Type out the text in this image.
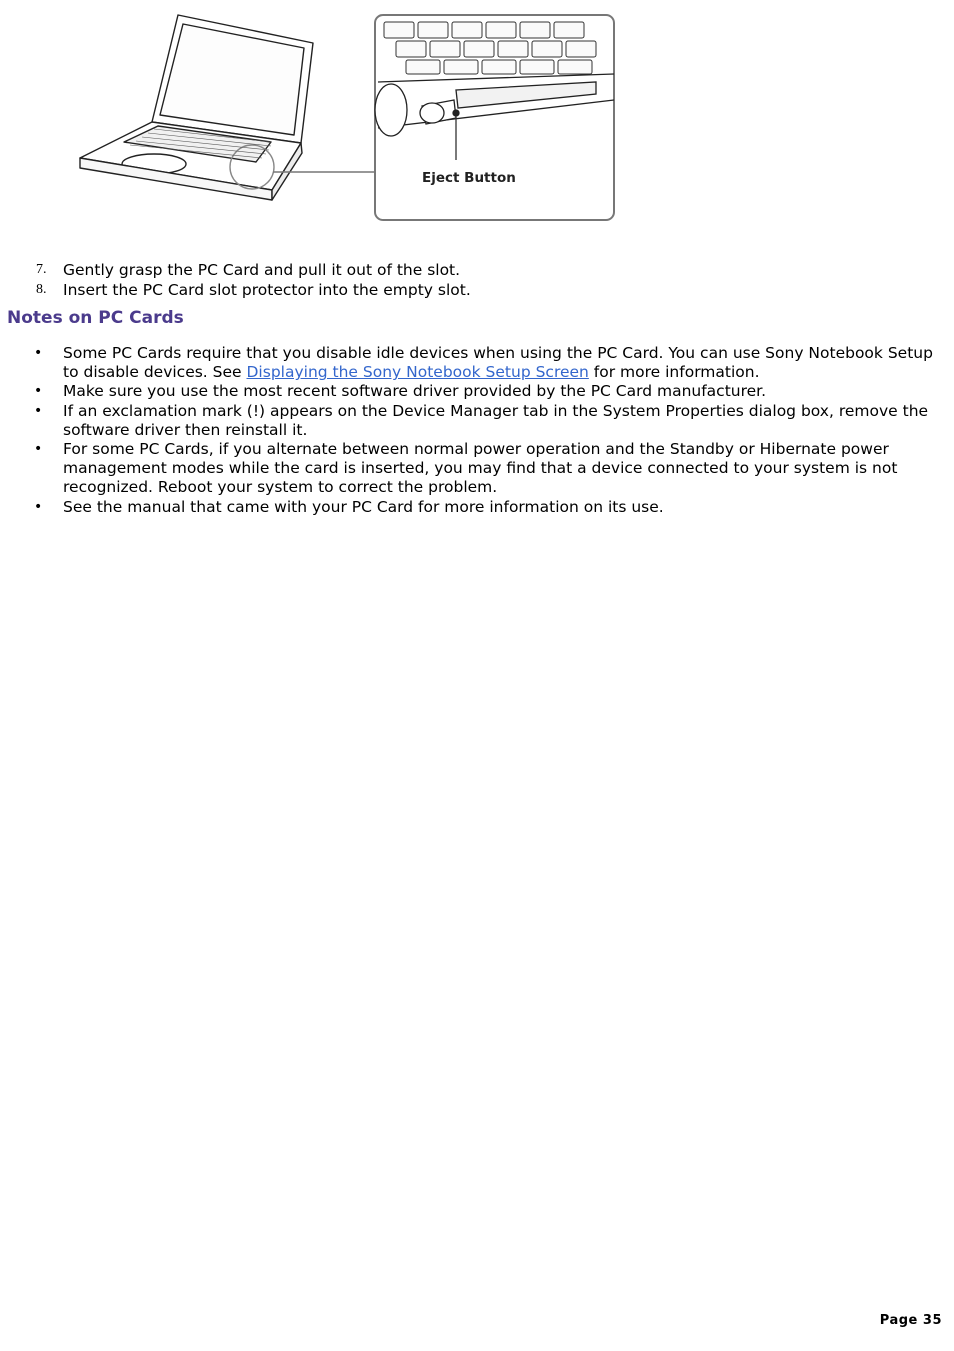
Eject Button
7. Gently grasp the PC Card and pull it out of the slot.
8. Insert the PC Card slot protector into the empty slot.
Notes on PC Cards
• Some PC Cards require that you disable idle devices when using the PC Card. You can use Sony Notebook Setup to disable devices. See Displaying the Sony Notebook Setup Screen for more information.
• Make sure you use the most recent software driver provided by the PC Card manufacturer.
• If an exclamation mark (!) appears on the Device Manager tab in the System Properties dialog box, remove the software driver then reinstall it.
• For some PC Cards, if you alternate between normal power operation and the Standby or Hibernate power management modes while the card is inserted, you may find that a device connected to your system is not recognized. Reboot your system to correct the problem.
• See the manual that came with your PC Card for more information on its use.
Page 35
